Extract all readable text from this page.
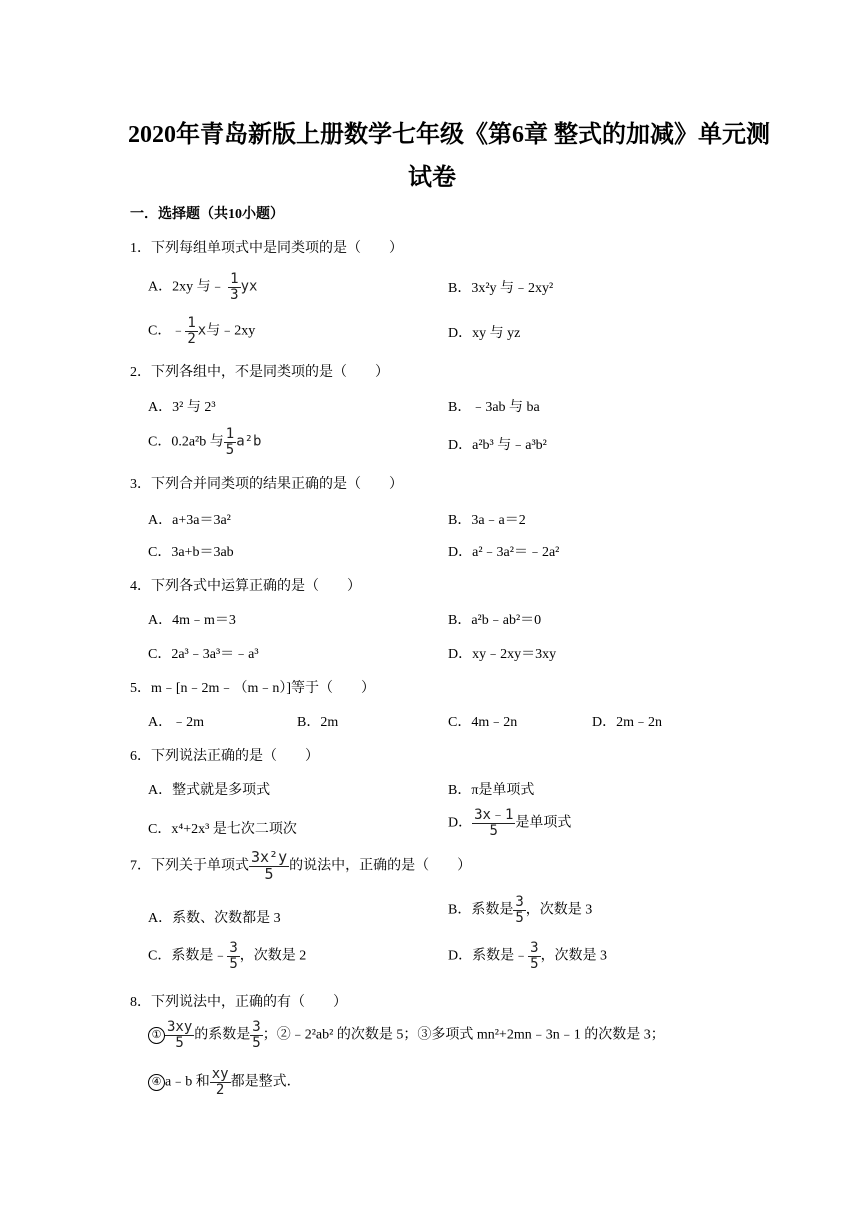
2020年青岛新版上册数学七年级《第6章 整式的加减》单元测
试卷
一．选择题（共10小题）
1．下列每组单项式中是同类项的是（　　）
A．2xy 与﹣ $\frac{1}{3}$ yx	B．3x²y 与﹣2xy²
C．﹣ $\frac{1}{2}$ x与﹣2xy	D．xy 与 yz
2．下列各组中，不是同类项的是（　　）
A．3² 与 2³	B．﹣3ab 与 ba
C．0.2a²b 与 $\frac{1}{5} a^2b$	D．a²b³ 与﹣a³b²
3．下列合并同类项的结果正确的是（　　）
A．a+3a＝3a²	B．3a﹣a＝2
C．3a+b＝3ab	D．a²﹣3a²＝﹣2a²
4．下列各式中运算正确的是（　　）
A．4m﹣m＝3	B．a²b﹣ab²＝0
C．2a³﹣3a³＝﹣a³	D．xy﹣2xy＝3xy
5．m﹣[n﹣2m﹣（m﹣n）]等于（　　）
A．﹣2m	B．2m	C．4m﹣2n	D．2m﹣2n
6．下列说法正确的是（　　）
A．整式就是多项式	B．π是单项式
C．x⁴+2x³ 是七次二项次	D． $\frac{3x﹣1}{5}$ 是单项式
7．下列关于单项式 $\frac{\text{3x²y}}{5}$ 的说法中，正确的是（　　）
A．系数、次数都是 3
B．系数是 $\frac{3}{5}$ ，次数是 3
C．系数是﹣ $\frac{3}{5}$ ，次数是 2	D．系数是﹣ $\frac{3}{5}$ ，次数是 3
8．下列说法中，正确的有（　　）
① $\frac{3xy}{5}$ 的系数是 $\frac{3}{5}$ ；②﹣2²ab² 的次数是 5；③多项式 mn²+2mn﹣3n﹣1 的次数是 3；
④ a﹣b 和 $\frac{xy}{2}$ 都是整式．
